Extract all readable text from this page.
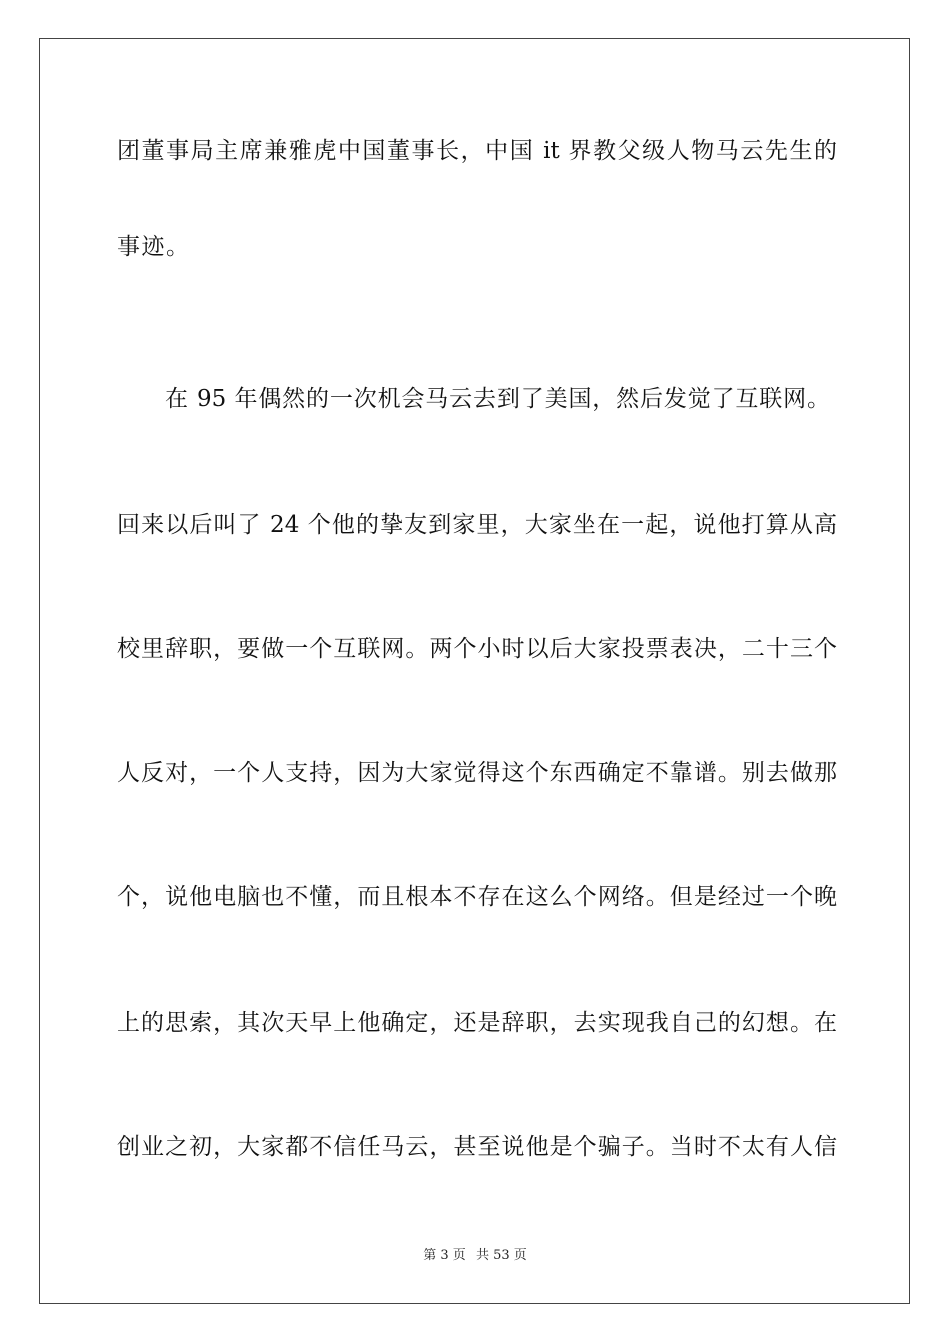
团董事局主席兼雅虎中国董事长，中国 it 界教父级人物马云先生的
事迹。
在 95 年偶然的一次机会马云去到了美国，然后发觉了互联网。
回来以后叫了 24 个他的挚友到家里，大家坐在一起，说他打算从高
校里辞职，要做一个互联网。两个小时以后大家投票表决，二十三个
人反对，一个人支持，因为大家觉得这个东西确定不靠谱。别去做那
个，说他电脑也不懂，而且根本不存在这么个网络。但是经过一个晚
上的思索，其次天早上他确定，还是辞职，去实现我自己的幻想。在
创业之初，大家都不信任马云，甚至说他是个骗子。当时不太有人信
第 3 页 共 53 页
